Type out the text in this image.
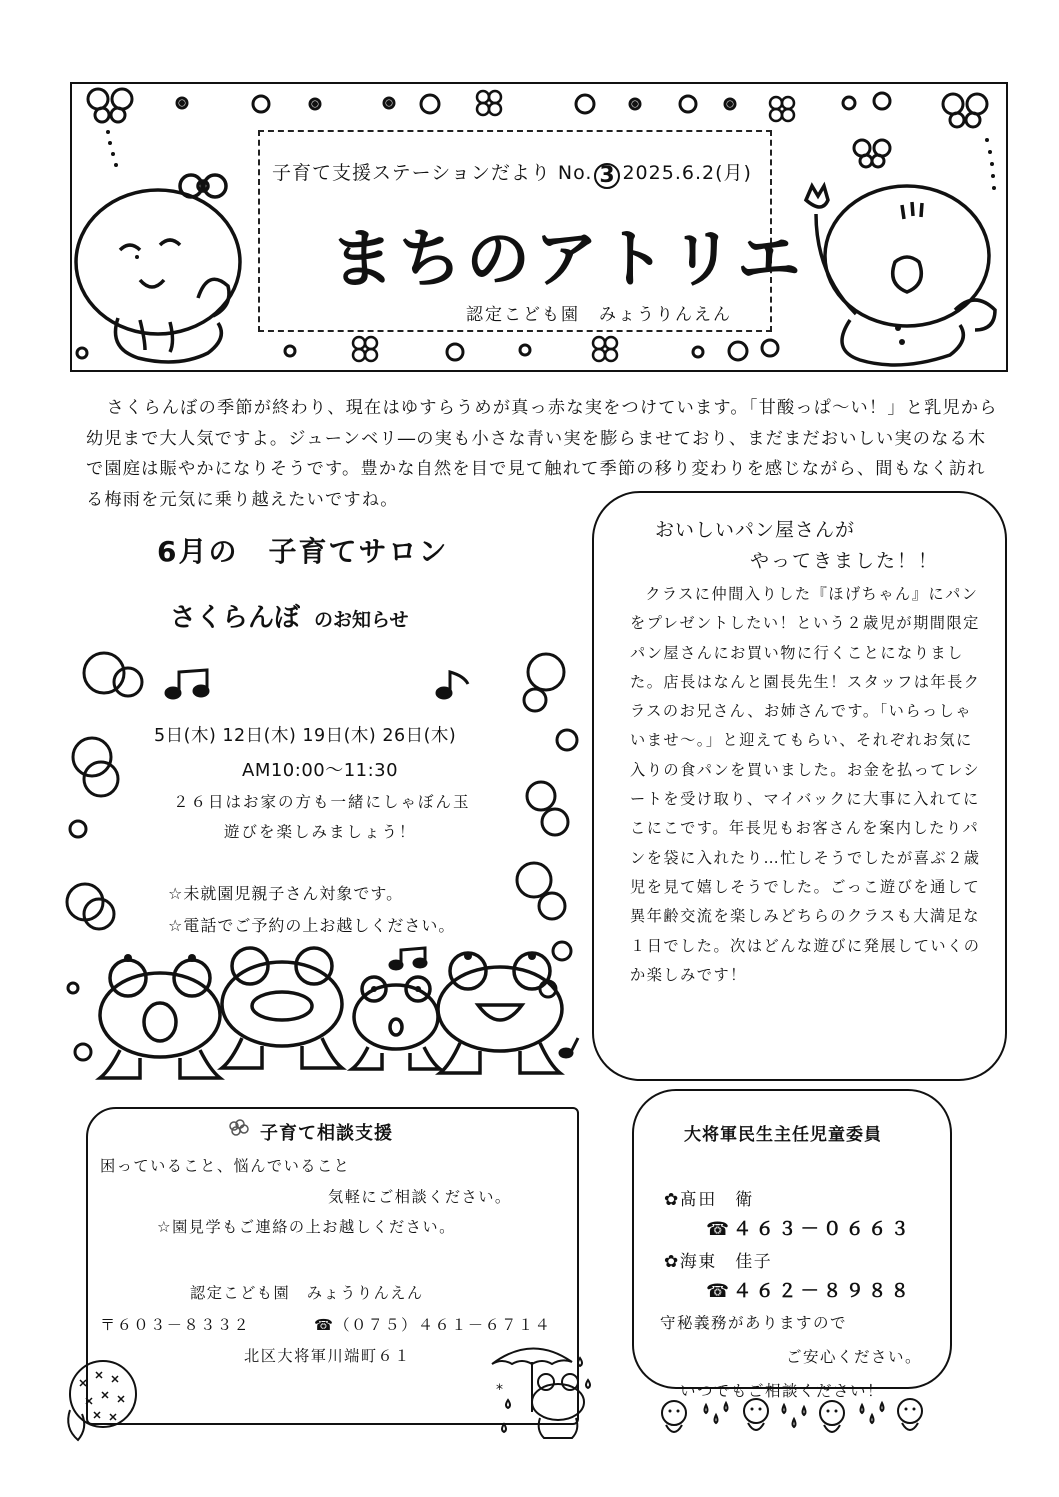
子育て支援ステーションだより No. 3 2025.6.2(月)
まちのアトリエ
認定こども園　みょうりんえん

さくらんぼの季節が終わり、現在はゆすらうめが真っ赤な実をつけています。「甘酸っぱ～い！」と乳児から幼児まで大人気ですよ。ジューンベリ―の実も小さな青い実を膨らませており、まだまだおいしい実のなる木で園庭は賑やかになりそうです。豊かな自然を目で見て触れて季節の移り変わりを感じながら、間もなく訪れる梅雨を元気に乗り越えたいですね。

6月の　子育てサロン
さくらんぼ のお知らせ
5日(木) 12日(木) 19日(木) 26日(木)
AM10:00～11:30
２６日はお家の方も一緒にしゃぼん玉
遊びを楽しみましょう！
☆未就園児親子さん対象です。
☆電話でご予約の上お越しください。
おいしいパン屋さんが
やってきました！！

クラスに仲間入りした『ほげちゃん』にパンをプレゼントしたい！という２歳児が期間限定パン屋さんにお買い物に行くことになりました。店長はなんと園長先生！スタッフは年長クラスのお兄さん、お姉さんです。「いらっしゃいませ～。」と迎えてもらい、それぞれお気に入りの食パンを買いました。お金を払ってレシートを受け取り、マイバックに大事に入れてにこにこです。年長児もお客さんを案内したりパンを袋に入れたり…忙しそうでしたが喜ぶ２歳児を見て嬉しそうでした。ごっこ遊びを通して異年齢交流を楽しみどちらのクラスも大満足な１日でした。次はどんな遊びに発展していくのか楽しみです！

子育て相談支援
困っていること、悩んでいること
気軽にご相談ください。
☆園見学もご連絡の上お越しください。
認定こども園　みょうりんえん
〒６０３－８３３２	☎（０７５）４６１－６７１４
北区大将軍川端町６１
*
大将軍民生主任児童委員
✿髙田　衛
☎４６３－０６６３
✿海東　佳子
☎４６２－８９８８
守秘義務がありますので
ご安心ください。
いつでもご相談ください！
